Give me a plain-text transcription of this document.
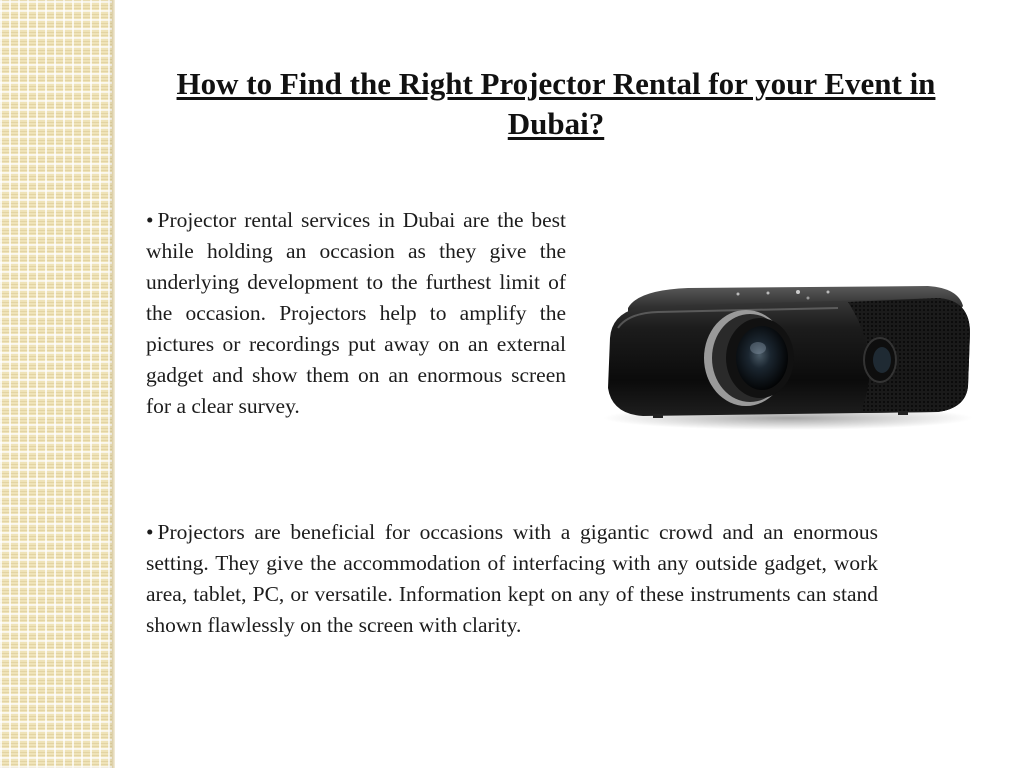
How to Find the Right Projector Rental for your Event in Dubai?

• Projector rental services in Dubai are the best while holding an occasion as they give the underlying development to the furthest limit of the occasion. Projectors help to amplify the pictures or recordings put away on an external gadget and show them on an enormous screen for a clear survey.

• Projectors are beneficial for occasions with a gigantic crowd and an enormous setting. They give the accommodation of interfacing with any outside gadget, work area, tablet, PC, or versatile. Information kept on any of these instruments can stand shown flawlessly on the screen with clarity.
